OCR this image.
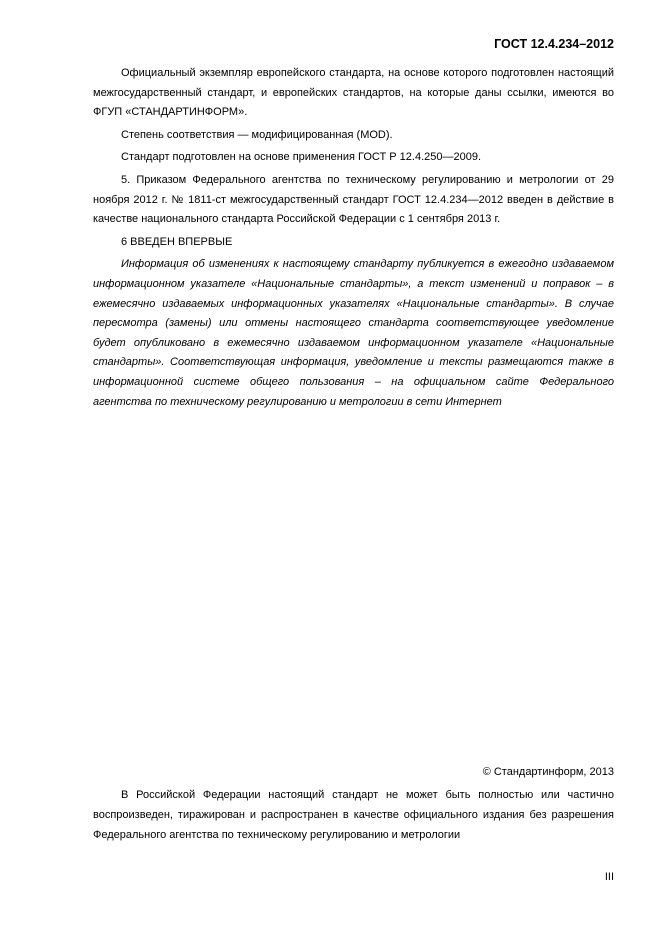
ГОСТ 12.4.234–2012

Официальный экземпляр европейского стандарта, на основе которого подготовлен настоящий межгосударственный стандарт, и европейских стандартов, на которые даны ссылки, имеются во ФГУП «СТАНДАРТИНФОРМ».

Степень соответствия — модифицированная (MOD).

Стандарт подготовлен на основе применения ГОСТ Р 12.4.250—2009.

5. Приказом Федерального агентства по техническому регулированию и метрологии от 29 ноября 2012 г. № 1811-ст межгосударственный стандарт ГОСТ 12.4.234—2012 введен в действие в качестве национального стандарта Российской Федерации с 1 сентября 2013 г.

6 ВВЕДЕН ВПЕРВЫЕ

Информация об изменениях к настоящему стандарту публикуется в ежегодно издаваемом информационном указателе «Национальные стандарты», а текст изменений и поправок – в ежемесячно издаваемых информационных указателях «Национальные стандарты». В случае пересмотра (замены) или отмены настоящего стандарта соответствующее уведомление будет опубликовано в ежемесячно издаваемом информационном указателе «Национальные стандарты». Соответствующая информация, уведомление и тексты размещаются также в информационной системе общего пользования – на официальном сайте Федерального агентства по техническому регулированию и метрологии в сети Интернет

© Стандартинформ, 2013

В Российской Федерации настоящий стандарт не может быть полностью или частично воспроизведен, тиражирован и распространен в качестве официального издания без разрешения Федерального агентства по техническому регулированию и метрологии

III
